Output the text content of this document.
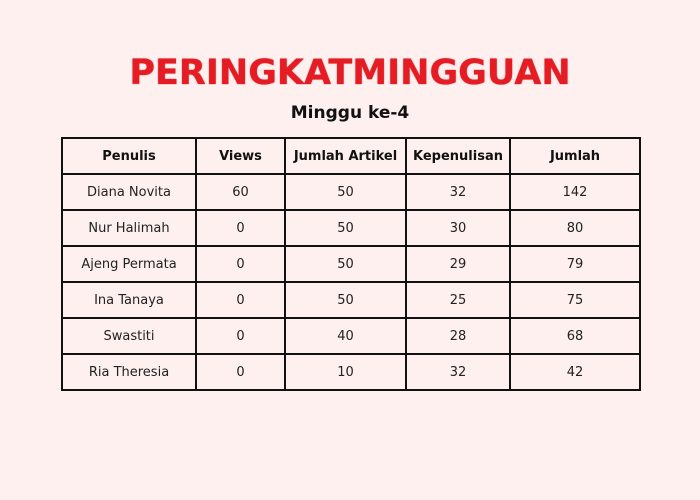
PERINGKATMINGGUAN
Minggu ke-4
Penulis	Views	Jumlah Artikel	Kepenulisan	Jumlah
Diana Novita	60	50	32	142
Nur Halimah	0	50	30	80
Ajeng Permata	0	50	29	79
Ina Tanaya	0	50	25	75
Swastiti	0	40	28	68
Ria Theresia	0	10	32	42
